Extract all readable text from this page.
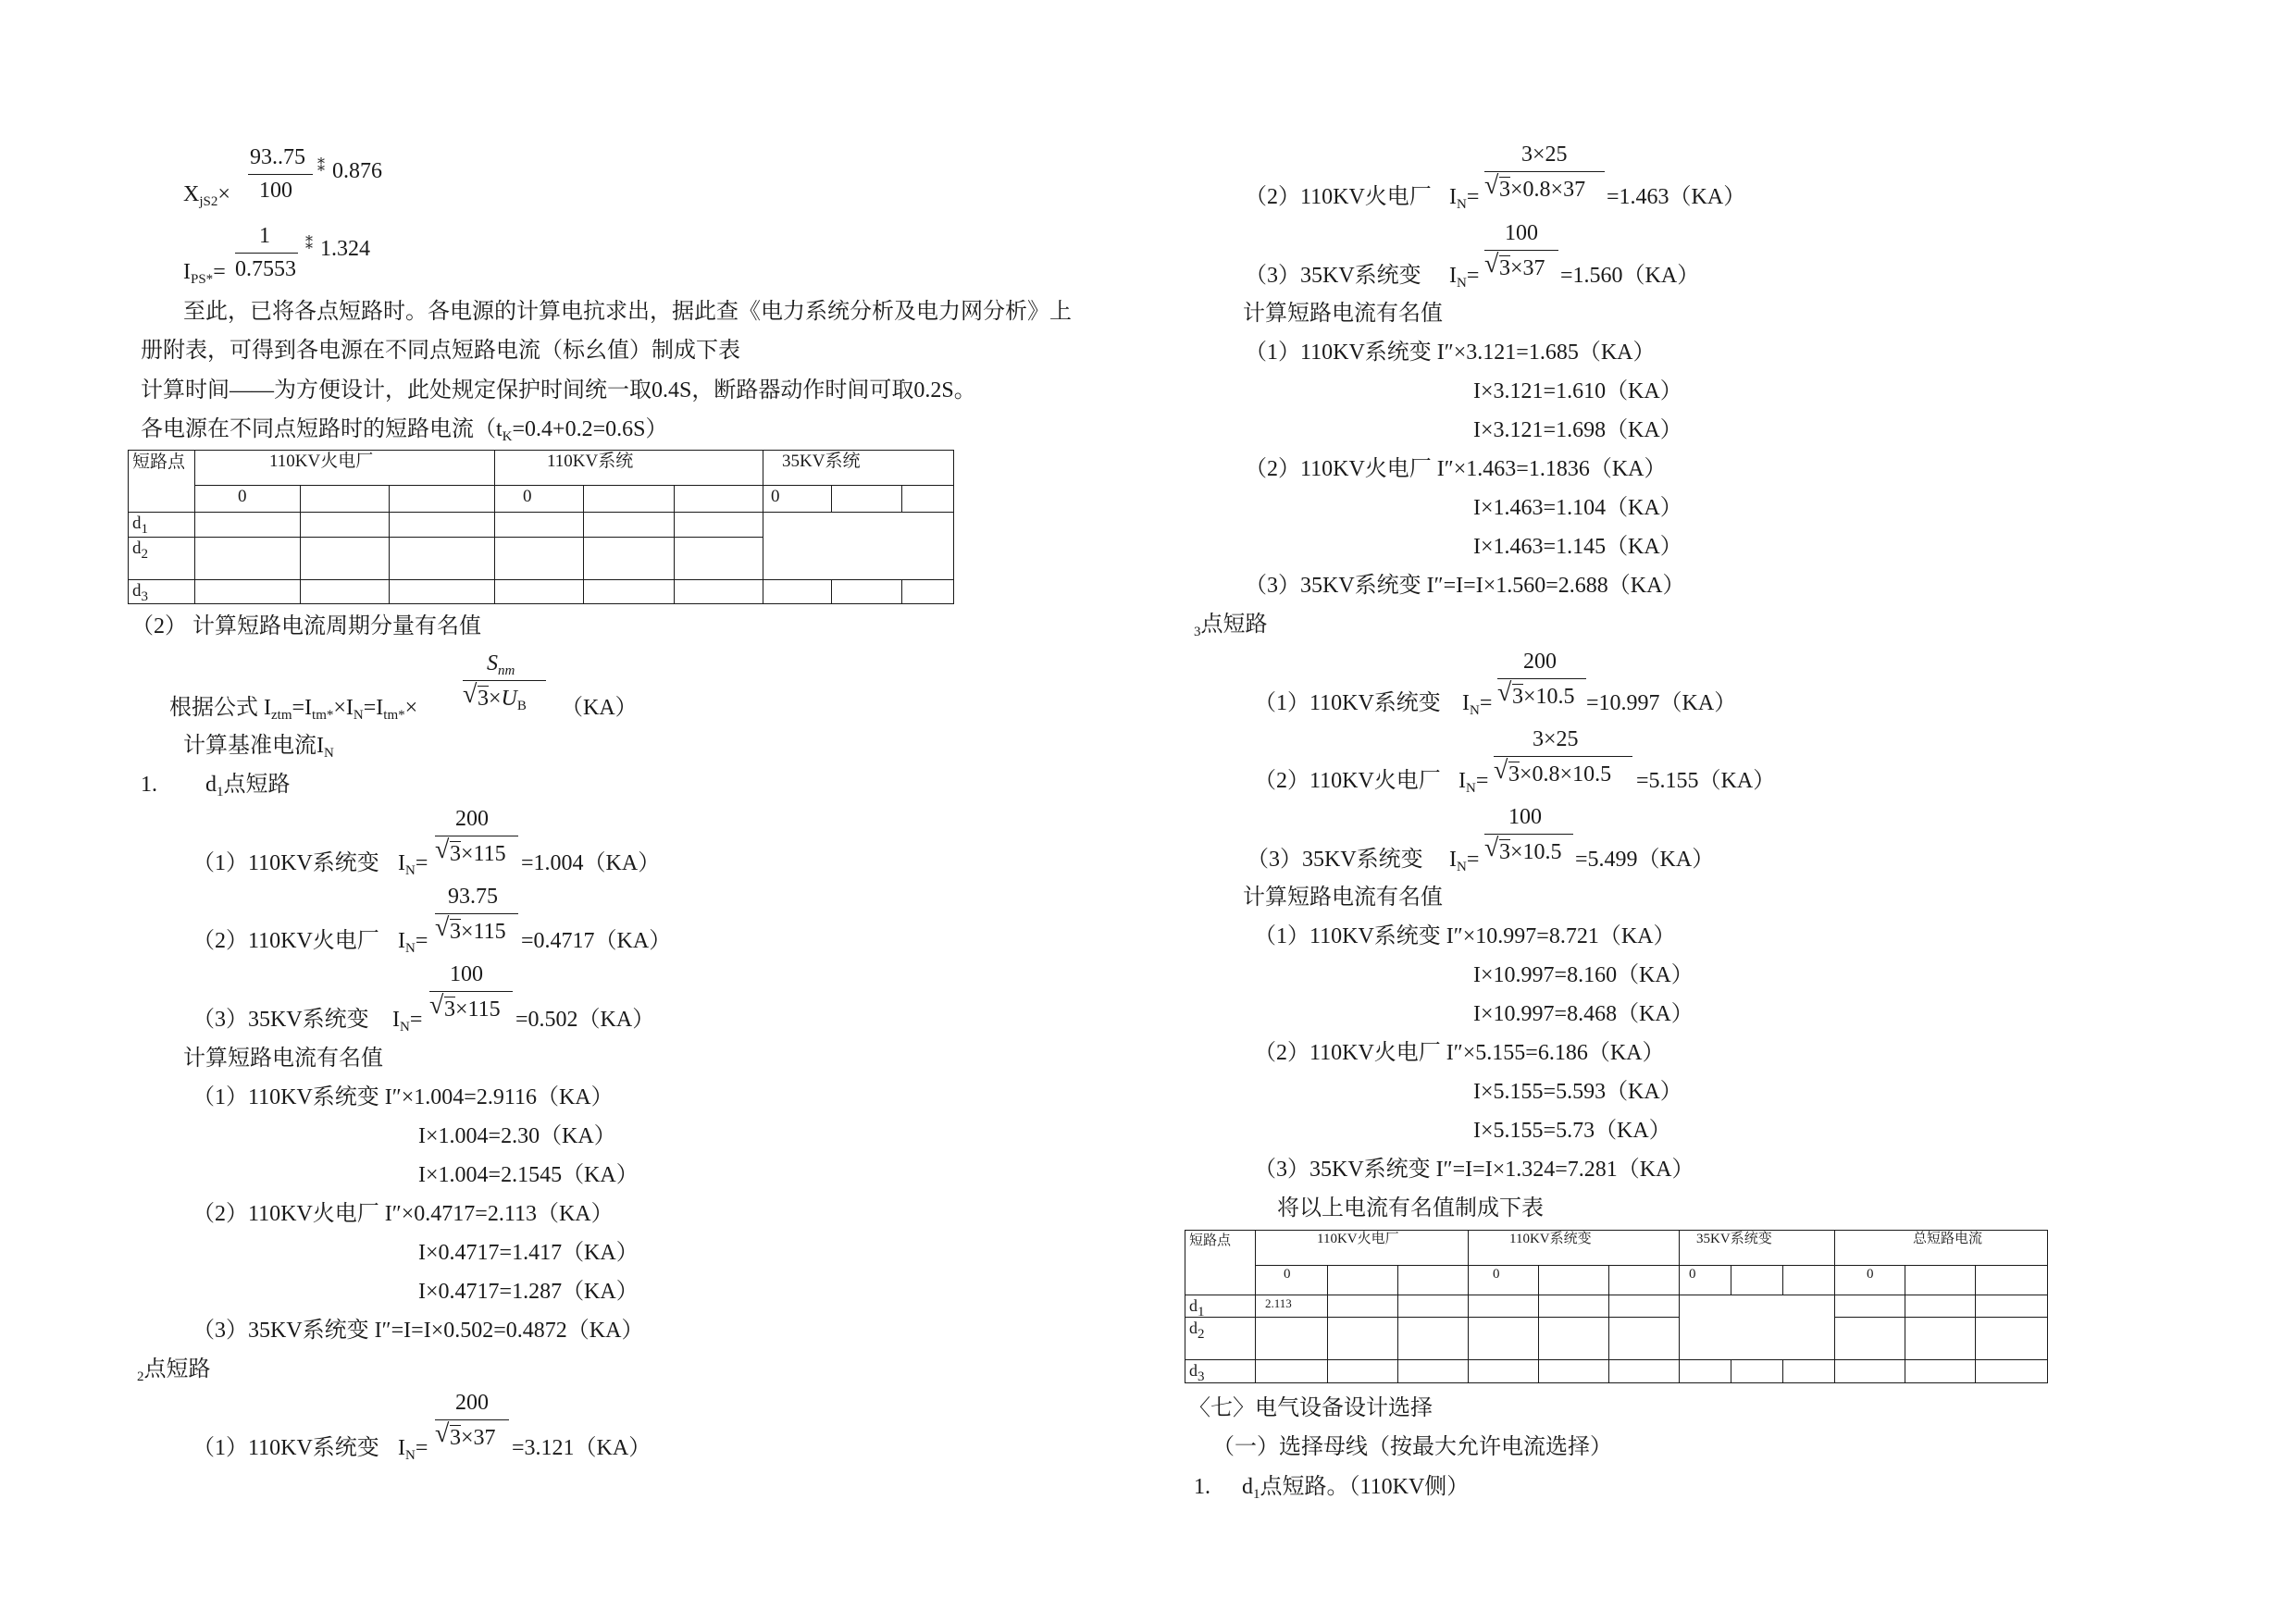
93..75
100
$X_{jS2}\times$
⁑ 0.876
1
0.7553
$I_{PS*}=$
⁑ 1.324
至此，已将各点短路时。各电源的计算电抗求出，据此查《电力系统分析及电力网分析》上
册附表，可得到各电源在不同点短路电流（标幺值）制成下表
计算时间——为方便设计，此处规定保护时间统一取0.4S，断路器动作时间可取0.2S。
各电源在不同点短路时的短路电流$(t_K=0.4+0.2=0.6S)$
短路点	110KV火电厂			110KV系统			35KV系统		
	0			0			0		
$d_1$							
$d_2$						
$d_3$									
（2） 计算短路电流周期分量有名值
$S_{nm}$
√ $3\times U_B$
根据公式 $I_{ztm}=I_{tm*}\times I_N=I_{tm*}\times$	（KA）
计算基准电流$I_N$
1. $d_1$点短路
（1）110KV系统变 $I_N=$
200
√ 3×115 =1.004（KA）
（2）110KV火电厂 $I_N=$
93.75
√ 3×115 =0.4717（KA）
（3）35KV系统变 $I_N=$
100
√ 3×115 =0.502（KA）
计算短路电流有名值
（1）110KV系统变 I″×1.004=2.9116（KA）
I×1.004=2.30（KA）
I×1.004=2.1545（KA）
（2）110KV火电厂 I″×0.4717=2.113（KA）
I×0.4717=1.417（KA）
I×0.4717=1.287（KA）
（3）35KV系统变 I″=I=I×0.502=0.4872（KA）
$_2$点短路
（1）110KV系统变 $I_N=$
200
√ 3×37 =3.121（KA）
（2）110KV火电厂 $I_N=$
3×25
√ 3×0.8×37 =1.463（KA）
（3）35KV系统变 $I_N=$
100
√ 3×37 =1.560（KA）
计算短路电流有名值
（1）110KV系统变 I″×3.121=1.685（KA）
I×3.121=1.610（KA）
I×3.121=1.698（KA）
（2）110KV火电厂 I″×1.463=1.1836（KA）
I×1.463=1.104（KA）
I×1.463=1.145（KA）
（3）35KV系统变 I″=I=I×1.560=2.688（KA）
$_3$点短路
（1）110KV系统变 $I_N=$
200
√ 3×10.5 =10.997（KA）
（2）110KV火电厂 $I_N=$
3×25
√ 3×0.8×10.5 =5.155（KA）
（3）35KV系统变 $I_N=$
100
√ 3×10.5 =5.499（KA）
计算短路电流有名值
（1）110KV系统变 I″×10.997=8.721（KA）
I×10.997=8.160（KA）
I×10.997=8.468（KA）
（2）110KV火电厂 I″×5.155=6.186（KA）
I×5.155=5.593（KA）
I×5.155=5.73（KA）
（3）35KV系统变 I″=I=I×1.324=7.281（KA）
将以上电流有名值制成下表
短路点	110KV火电厂			110KV系统变			35KV系统变			总短路电流		
	0			0			0			0		
$d_1$	2.113											
$d_2$									
$d_3$												
〈七〉电气设备设计选择
（一）选择母线（按最大允许电流选择）
1. $d_1$点短路。（110KV侧）
